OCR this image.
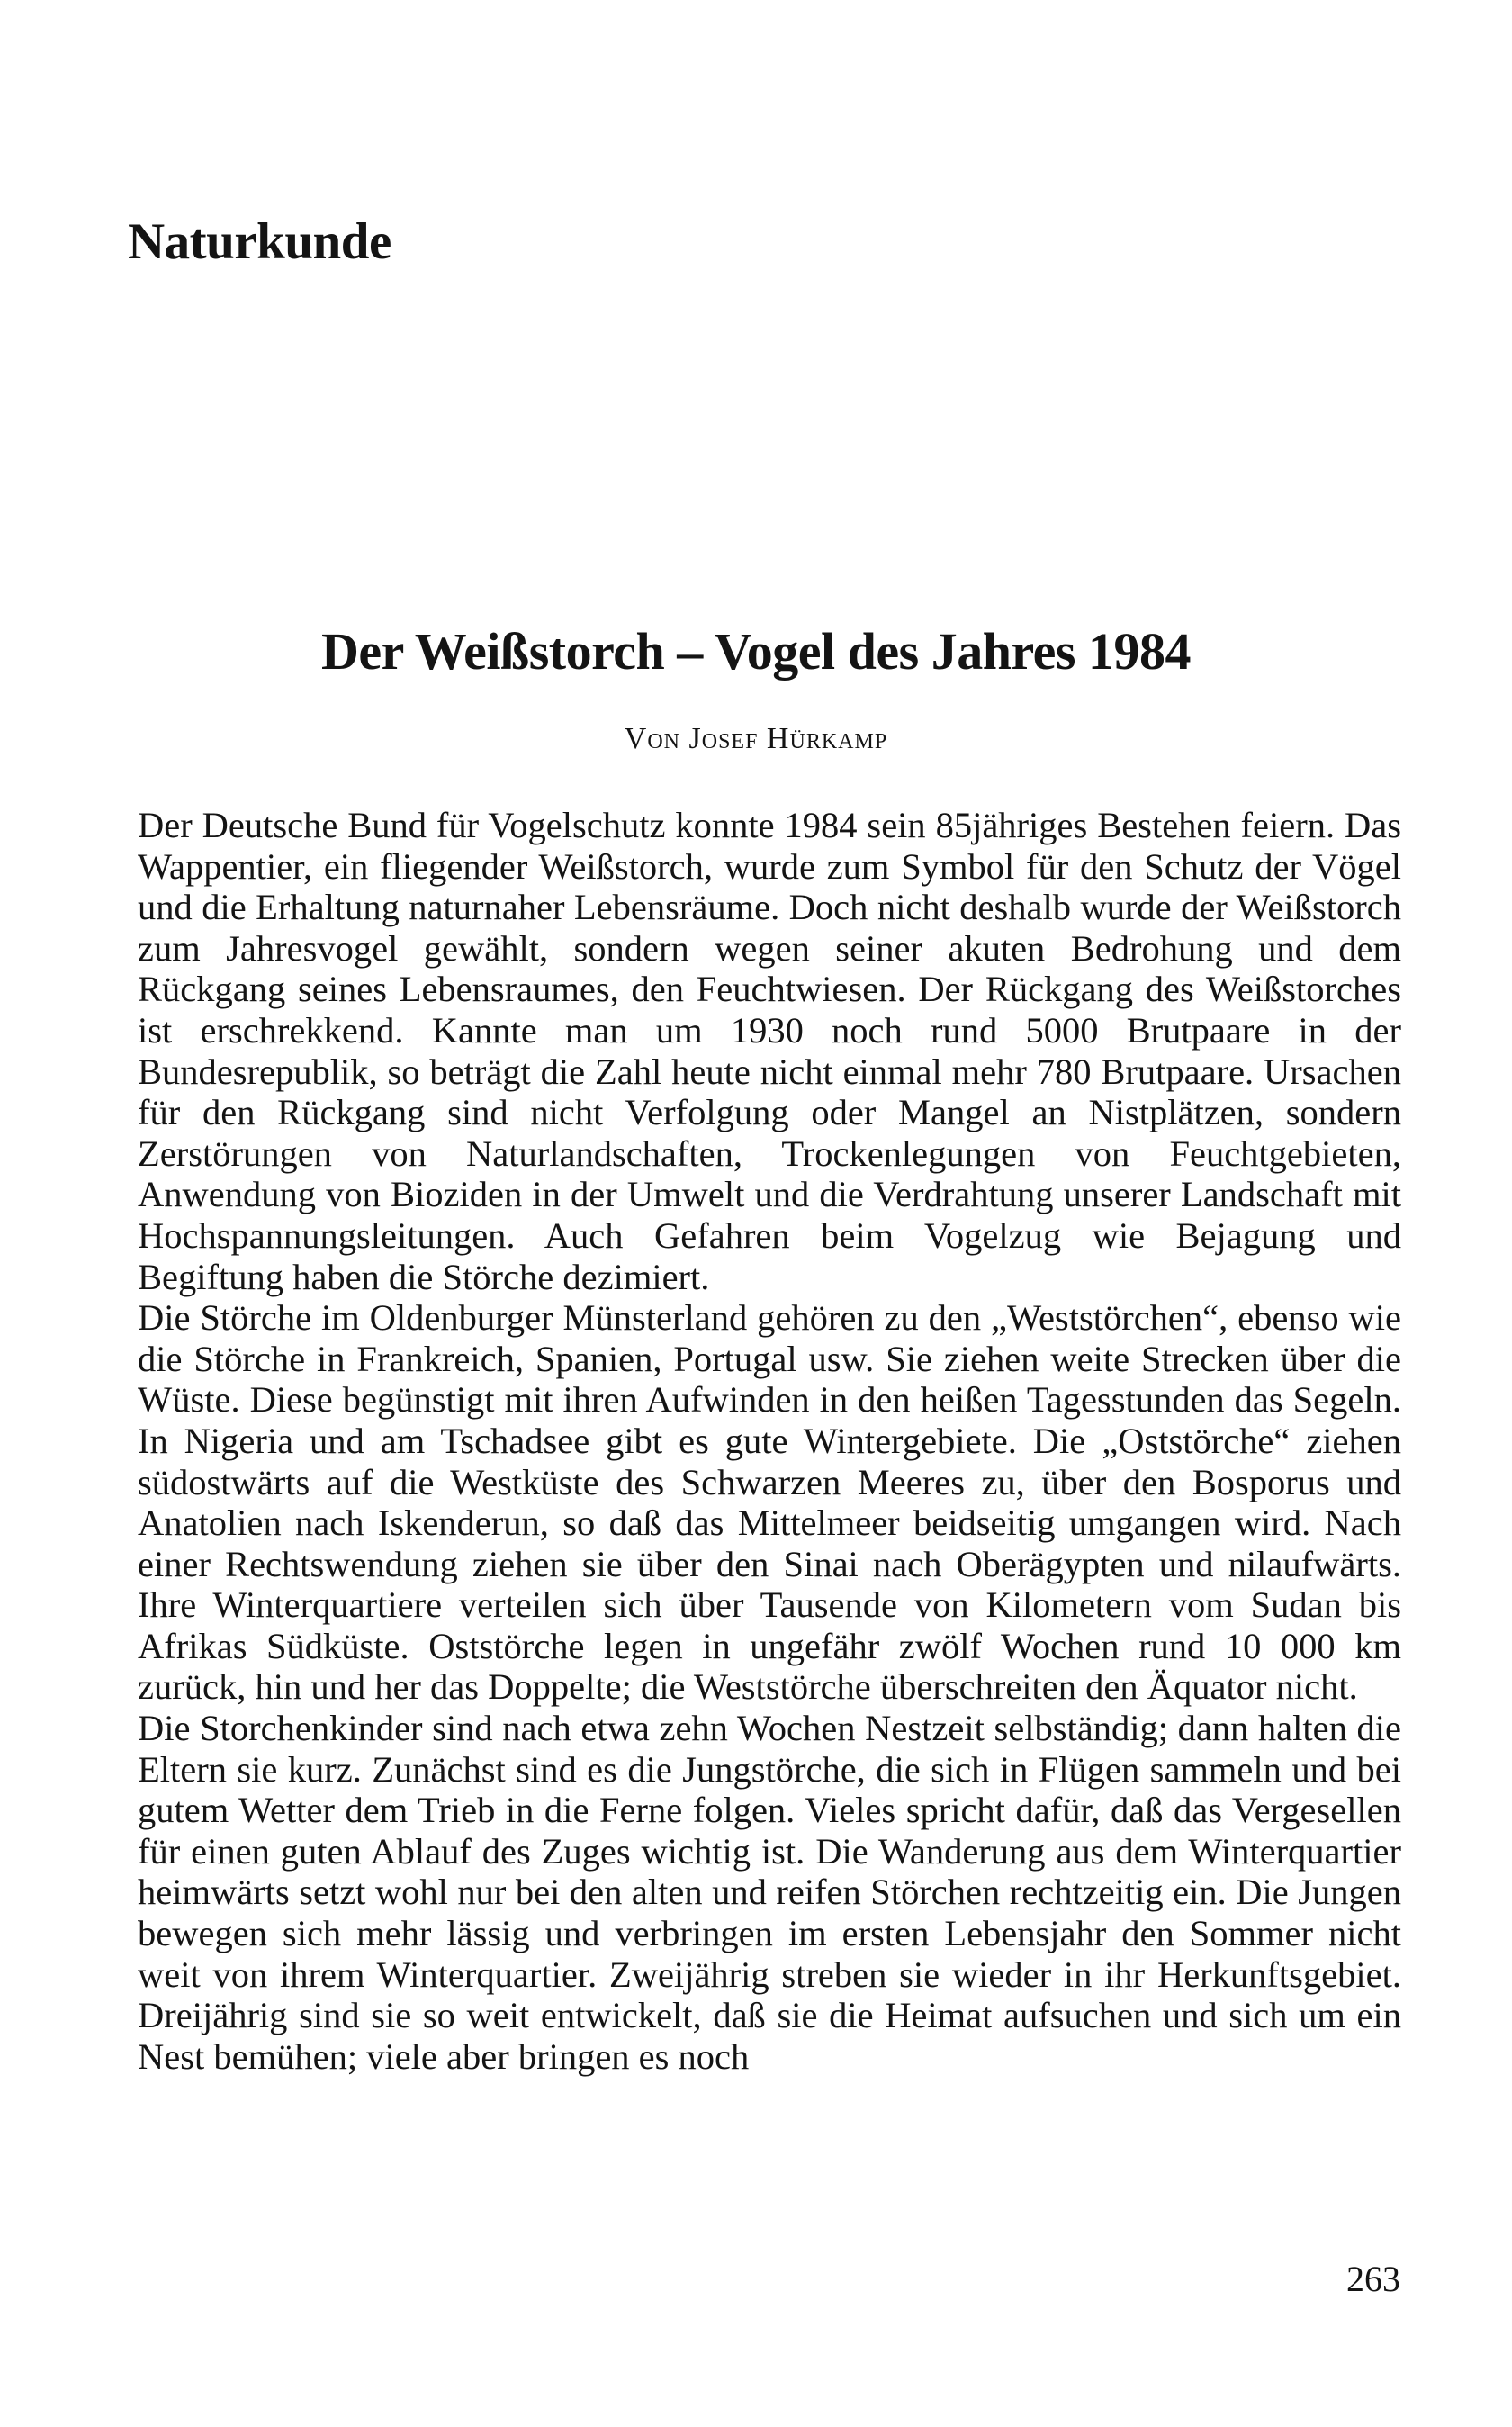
Naturkunde
Der Weißstorch – Vogel des Jahres 1984
Von Josef Hürkamp

Der Deutsche Bund für Vogelschutz konnte 1984 sein 85jähriges Bestehen feiern. Das Wappentier, ein fliegender Weißstorch, wurde zum Symbol für den Schutz der Vögel und die Erhaltung naturnaher Lebensräume. Doch nicht deshalb wurde der Weißstorch zum Jahresvogel gewählt, sondern wegen seiner akuten Bedrohung und dem Rückgang seines Lebensraumes, den Feuchtwiesen. Der Rückgang des Weißstorches ist erschrekkend. Kannte man um 1930 noch rund 5000 Brutpaare in der Bundesrepublik, so beträgt die Zahl heute nicht einmal mehr 780 Brutpaare. Ursachen für den Rückgang sind nicht Verfolgung oder Mangel an Nistplätzen, sondern Zerstörungen von Naturlandschaften, Trockenlegungen von Feuchtgebieten, Anwendung von Bioziden in der Umwelt und die Verdrahtung unserer Landschaft mit Hochspannungsleitungen. Auch Gefahren beim Vogelzug wie Bejagung und Begiftung haben die Störche dezimiert.

Die Störche im Oldenburger Münsterland gehören zu den „Weststörchen“, ebenso wie die Störche in Frankreich, Spanien, Portugal usw. Sie ziehen weite Strecken über die Wüste. Diese begünstigt mit ihren Aufwinden in den heißen Tagesstunden das Segeln. In Nigeria und am Tschadsee gibt es gute Wintergebiete. Die „Oststörche“ ziehen südostwärts auf die Westküste des Schwarzen Meeres zu, über den Bosporus und Anatolien nach Iskenderun, so daß das Mittelmeer beidseitig umgangen wird. Nach einer Rechtswendung ziehen sie über den Sinai nach Oberägypten und nilaufwärts. Ihre Winterquartiere verteilen sich über Tausende von Kilometern vom Sudan bis Afrikas Südküste. Oststörche legen in ungefähr zwölf Wochen rund 10 000 km zurück, hin und her das Doppelte; die Weststörche überschreiten den Äquator nicht.

Die Storchenkinder sind nach etwa zehn Wochen Nestzeit selbständig; dann halten die Eltern sie kurz. Zunächst sind es die Jungstörche, die sich in Flügen sammeln und bei gutem Wetter dem Trieb in die Ferne folgen. Vieles spricht dafür, daß das Vergesellen für einen guten Ablauf des Zuges wichtig ist. Die Wanderung aus dem Winterquartier heimwärts setzt wohl nur bei den alten und reifen Störchen rechtzeitig ein. Die Jungen bewegen sich mehr lässig und verbringen im ersten Lebensjahr den Sommer nicht weit von ihrem Winterquartier. Zweijährig streben sie wieder in ihr Herkunftsgebiet. Dreijährig sind sie so weit entwickelt, daß sie die Heimat aufsuchen und sich um ein Nest bemühen; viele aber bringen es noch

263
